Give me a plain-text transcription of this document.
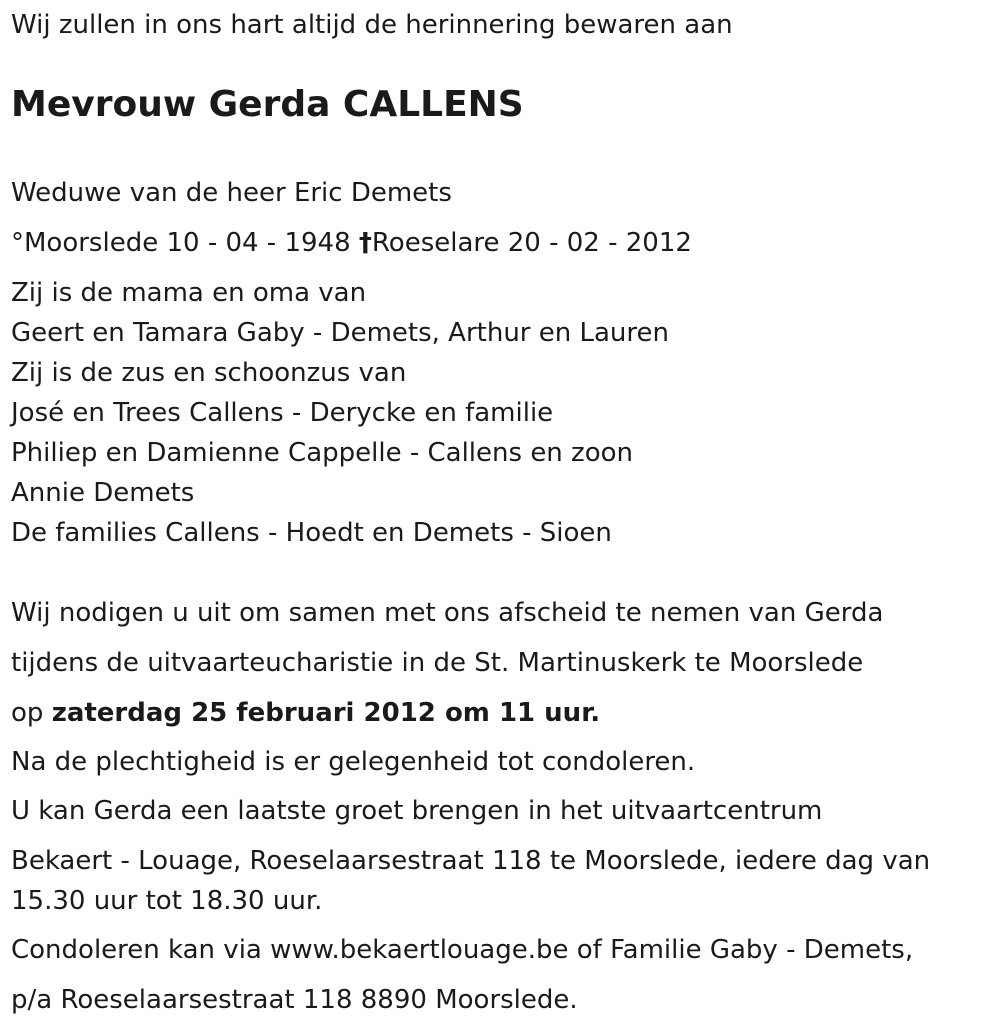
Wij zullen in ons hart altijd de herinnering bewaren aan

Mevrouw Gerda CALLENS

Weduwe van de heer Eric Demets

°Moorslede 10 - 04 - 1948 †Roeselare 20 - 02 - 2012

Zij is de mama en oma van

Geert en Tamara Gaby - Demets, Arthur en Lauren

Zij is de zus en schoonzus van

José en Trees Callens - Derycke en familie

Philiep en Damienne Cappelle - Callens en zoon

Annie Demets

De families Callens - Hoedt en Demets - Sioen

Wij nodigen u uit om samen met ons afscheid te nemen van Gerda

tijdens de uitvaarteucharistie in de St. Martinuskerk te Moorslede

op zaterdag 25 februari 2012 om 11 uur.

Na de plechtigheid is er gelegenheid tot condoleren.

U kan Gerda een laatste groet brengen in het uitvaartcentrum

Bekaert - Louage, Roeselaarsestraat 118 te Moorslede, iedere dag van

15.30 uur tot 18.30 uur.

Condoleren kan via www.bekaertlouage.be of Familie Gaby - Demets,

p/a Roeselaarsestraat 118 8890 Moorslede.
